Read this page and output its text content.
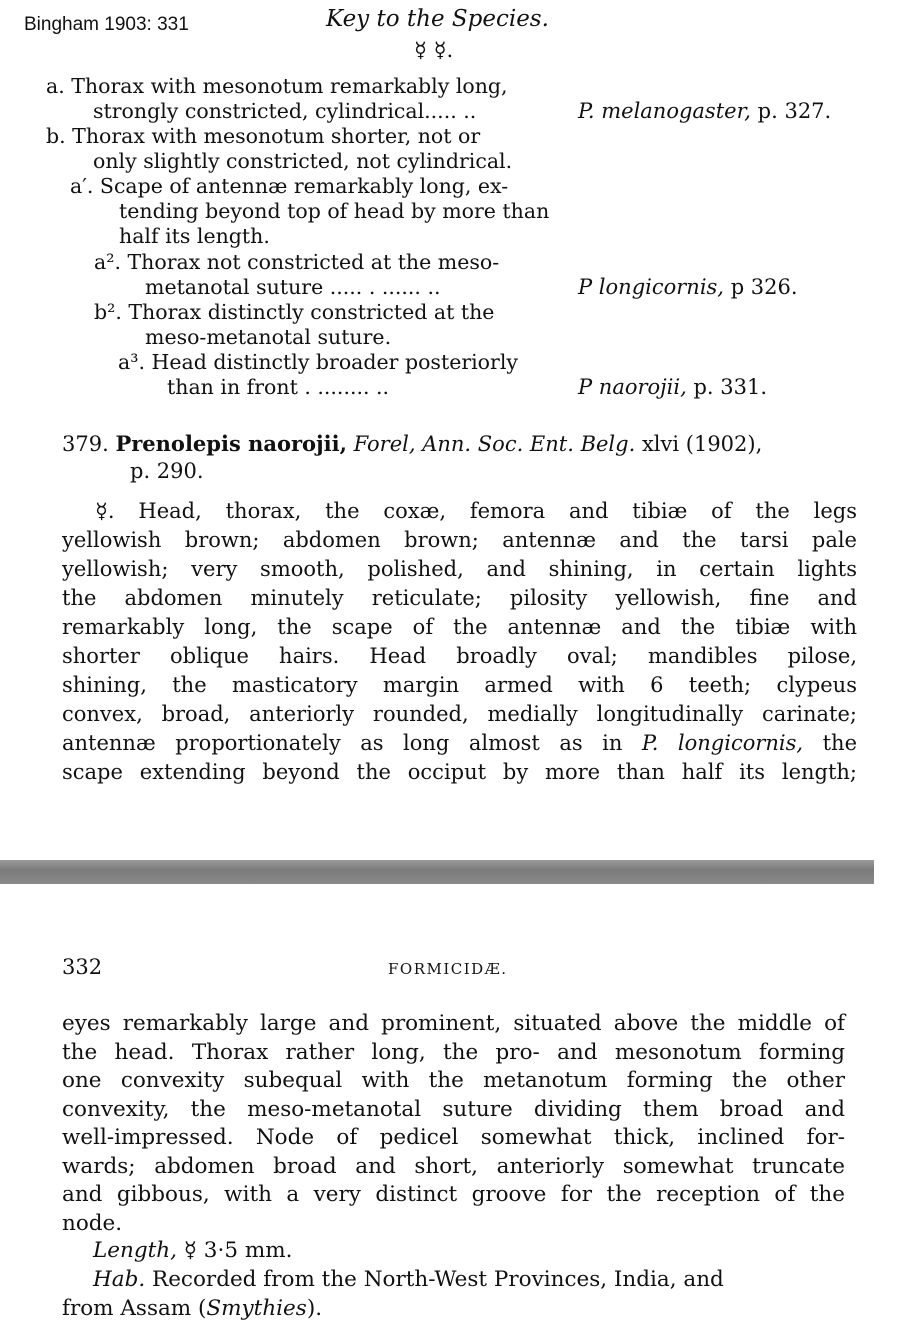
Bingham 1903: 331	Key to the Species.
☿ ☿.
a. Thorax with mesonotum remarkably long,
strongly constricted, cylindrical..... ..
b. Thorax with mesonotum shorter, not or
only slightly constricted, not cylindrical.
a′. Scape of antennæ remarkably long, ex-
tending beyond top of head by more than
half its length.
a². Thorax not constricted at the meso-
metanotal suture ..... . ...... ..
b². Thorax distinctly constricted at the
meso-metanotal suture.
a³. Head distinctly broader posteriorly
than in front . ........ ..
P. melanogaster, p. 327.
P longicornis, p 326.
P naorojii, p. 331.
379. Prenolepis naorojii, Forel, Ann. Soc. Ent. Belg. xlvi (1902),
p. 290.

☿. Head, thorax, the coxæ, femora and tibiæ of the legs

yellowish brown; abdomen brown; antennæ and the tarsi pale

yellowish; very smooth, polished, and shining, in certain lights

the abdomen minutely reticulate; pilosity yellowish, fine and

remarkably long, the scape of the antennæ and the tibiæ with

shorter oblique hairs. Head broadly oval; mandibles pilose,

shining, the masticatory margin armed with 6 teeth; clypeus

convex, broad, anteriorly rounded, medially longitudinally carinate;

antennæ proportionately as long almost as in P. longicornis, the

scape extending beyond the occiput by more than half its length;

332	FORMICIDÆ.

eyes remarkably large and prominent, situated above the middle of

the head. Thorax rather long, the pro- and mesonotum forming

one convexity subequal with the metanotum forming the other

convexity, the meso-metanotal suture dividing them broad and

well-impressed. Node of pedicel somewhat thick, inclined for-

wards; abdomen broad and short, anteriorly somewhat truncate

and gibbous, with a very distinct groove for the reception of the

node.

Length, ☿ 3·5 mm.
Hab. Recorded from the North-West Provinces, India, and
from Assam (Smythies).
